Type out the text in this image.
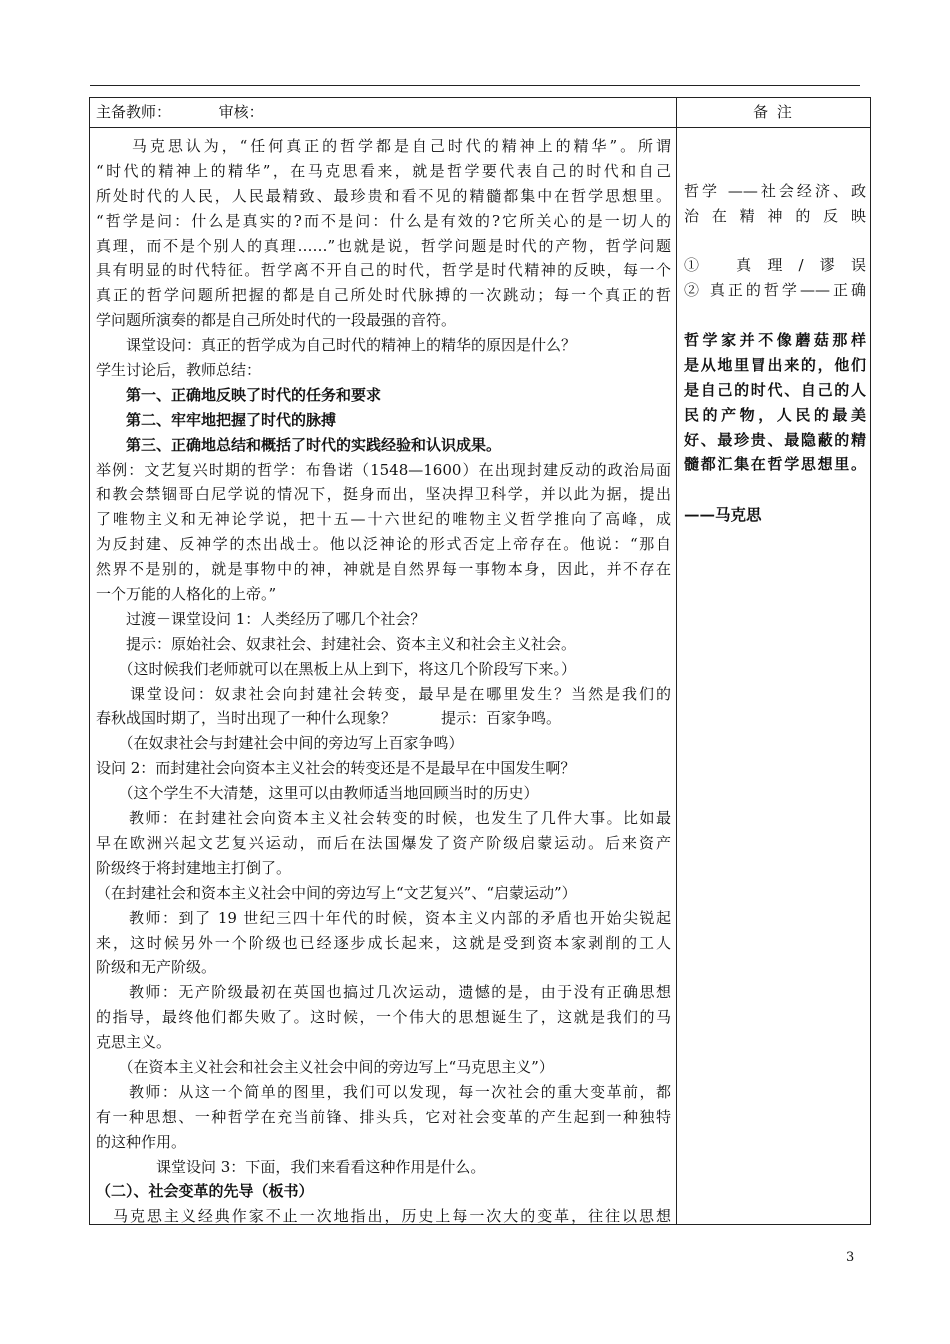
主备教师：          审核：	备 注
　　马克思认为，“任何真正的哲学都是自己时代的精神上的精华”。所谓
“时代的精神上的精华”，在马克思看来，就是哲学要代表自己的时代和自己
所处时代的人民，人民最精致、最珍贵和看不见的精髓都集中在哲学思想里。
“哲学是问：什么是真实的?而不是问：什么是有效的?它所关心的是一切人的
真理，而不是个别人的真理……”也就是说，哲学问题是时代的产物，哲学问题
具有明显的时代特征。哲学离不开自己的时代，哲学是时代精神的反映，每一个
真正的哲学问题所把握的都是自己所处时代脉搏的一次跳动；每一个真正的哲
学问题所演奏的都是自己所处时代的一段最强的音符。
　　课堂设问：真正的哲学成为自己时代的精神上的精华的原因是什么？
学生讨论后，教师总结：
　　第一、正确地反映了时代的任务和要求
　　第二、牢牢地把握了时代的脉搏
　　第三、正确地总结和概括了时代的实践经验和认识成果。
举例：文艺复兴时期的哲学：布鲁诺（1548—1600）在出现封建反动的政治局面
和教会禁锢哥白尼学说的情况下，挺身而出，坚决捍卫科学，并以此为据，提出
了唯物主义和无神论学说，把十五—十六世纪的唯物主义哲学推向了高峰，成
为反封建、反神学的杰出战士。他以泛神论的形式否定上帝存在。他说：“那自
然界不是别的，就是事物中的神，神就是自然界每一事物本身，因此，并不存在
一个万能的人格化的上帝。”
　　过渡－课堂设问 1：人类经历了哪几个社会？
　　提示：原始社会、奴隶社会、封建社会、资本主义和社会主义社会。
　　（这时候我们老师就可以在黑板上从上到下，将这几个阶段写下来。）
　　课堂设问：奴隶社会向封建社会转变，最早是在哪里发生？当然是我们的
春秋战国时期了，当时出现了一种什么现象？　　　提示：百家争鸣。
　　（在奴隶社会与封建社会中间的旁边写上百家争鸣）
设问 2：而封建社会向资本主义社会的转变还是不是最早在中国发生啊？
　　（这个学生不大清楚，这里可以由教师适当地回顾当时的历史）
　　教师：在封建社会向资本主义社会转变的时候，也发生了几件大事。比如最
早在欧洲兴起文艺复兴运动，而后在法国爆发了资产阶级启蒙运动。后来资产
阶级终于将封建地主打倒了。
（在封建社会和资本主义社会中间的旁边写上“文艺复兴”、“启蒙运动”）
　　教师：到了 19 世纪三四十年代的时候，资本主义内部的矛盾也开始尖锐起
来，这时候另外一个阶级也已经逐步成长起来，这就是受到资本家剥削的工人
阶级和无产阶级。
　　教师：无产阶级最初在英国也搞过几次运动，遗憾的是，由于没有正确思想
的指导，最终他们都失败了。这时候，一个伟大的思想诞生了，这就是我们的马
克思主义。
　　（在资本主义社会和社会主义社会中间的旁边写上“马克思主义”）
　　教师：从这一个简单的图里，我们可以发现，每一次社会的重大变革前，都
有一种思想、一种哲学在充当前锋、排头兵，它对社会变革的产生起到一种独特
的这种作用。
　　　　课堂设问 3：下面，我们来看看这种作用是什么。
（二）、社会变革的先导（板书）
　马克思主义经典作家不止一次地指出，历史上每一次大的变革，往往以思想
哲学 ——社会经济、政
治在精神的反映
① 真理/谬误
② 真正的哲学——正确
哲学家并不像蘑菇那样
是从地里冒出来的，他们
是自己的时代、自己的人
民的产物，人民的最美
好、最珍贵、最隐蔽的精
髓都汇集在哲学思想里。
——马克思
3
